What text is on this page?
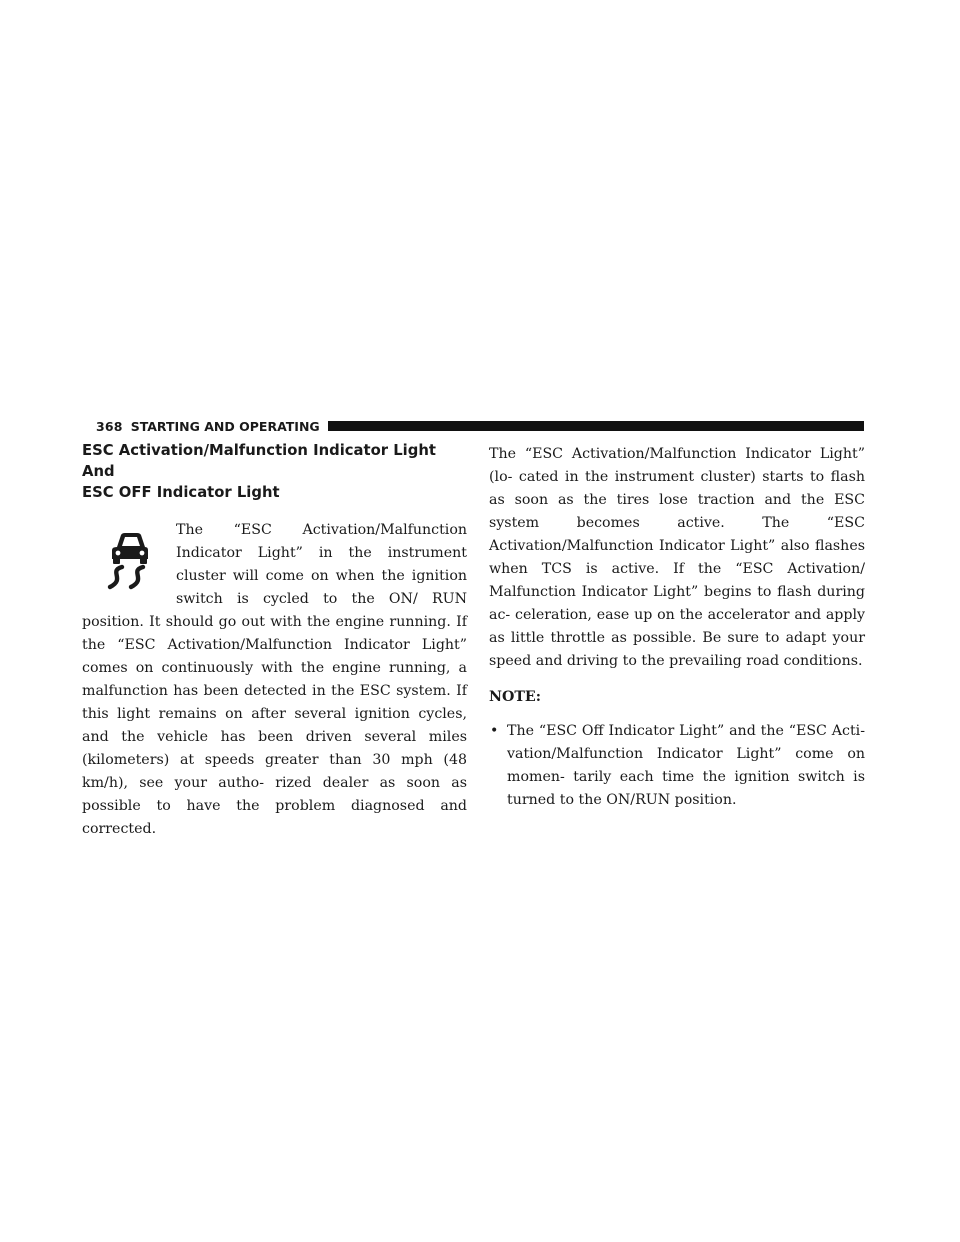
368 STARTING AND OPERATING
ESC Activation/Malfunction Indicator Light And
ESC OFF Indicator Light

The “ESC Activation/Malfunction Indicator Light” in the instrument cluster will come on when the ignition switch is cycled to the ON/ RUN position. It should go out with the engine running. If the “ESC Activation/Malfunction Indicator Light” comes on continuously with the engine running, a malfunction has been detected in the ESC system. If this light remains on after several ignition cycles, and the vehicle has been driven several miles (kilometers) at speeds greater than 30 mph (48 km/h), see your autho- rized dealer as soon as possible to have the problem diagnosed and corrected.

The “ESC Activation/Malfunction Indicator Light” (lo- cated in the instrument cluster) starts to flash as soon as the tires lose traction and the ESC system becomes active. The “ESC Activation/Malfunction Indicator Light” also flashes when TCS is active. If the “ESC Activation/ Malfunction Indicator Light” begins to flash during ac- celeration, ease up on the accelerator and apply as little throttle as possible. Be sure to adapt your speed and driving to the prevailing road conditions.

NOTE:
• The “ESC Off Indicator Light” and the “ESC Acti- vation/Malfunction Indicator Light” come on momen- tarily each time the ignition switch is turned to the ON/RUN position.
